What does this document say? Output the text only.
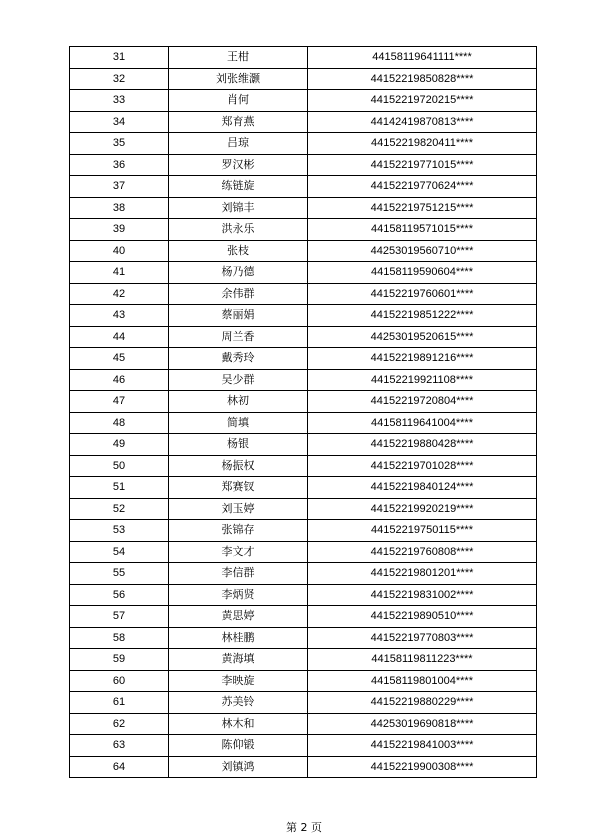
31	王柑	44158119641111****
32	刘张维灏	44152219850828****
33	肖何	44152219720215****
34	郑育燕	44142419870813****
35	吕琼	44152219820411****
36	罗汉彬	44152219771015****
37	练链旋	44152219770624****
38	刘锦丰	44152219751215****
39	洪永乐	44158119571015****
40	张枝	44253019560710****
41	杨乃德	44158119590604****
42	余伟群	44152219760601****
43	蔡丽娟	44152219851222****
44	周兰香	44253019520615****
45	戴秀玲	44152219891216****
46	吴少群	44152219921108****
47	林初	44152219720804****
48	简填	44158119641004****
49	杨银	44152219880428****
50	杨振权	44152219701028****
51	郑赛钗	44152219840124****
52	刘玉婷	44152219920219****
53	张锦存	44152219750115****
54	李文才	44152219760808****
55	李信群	44152219801201****
56	李炳贤	44152219831002****
57	黄思婷	44152219890510****
58	林桂鹏	44152219770803****
59	黄海填	44158119811223****
60	李映旋	44158119801004****
61	苏美铃	44152219880229****
62	林木和	44253019690818****
63	陈仰锻	44152219841003****
64	刘镇鸿	44152219900308****
第 2 页
